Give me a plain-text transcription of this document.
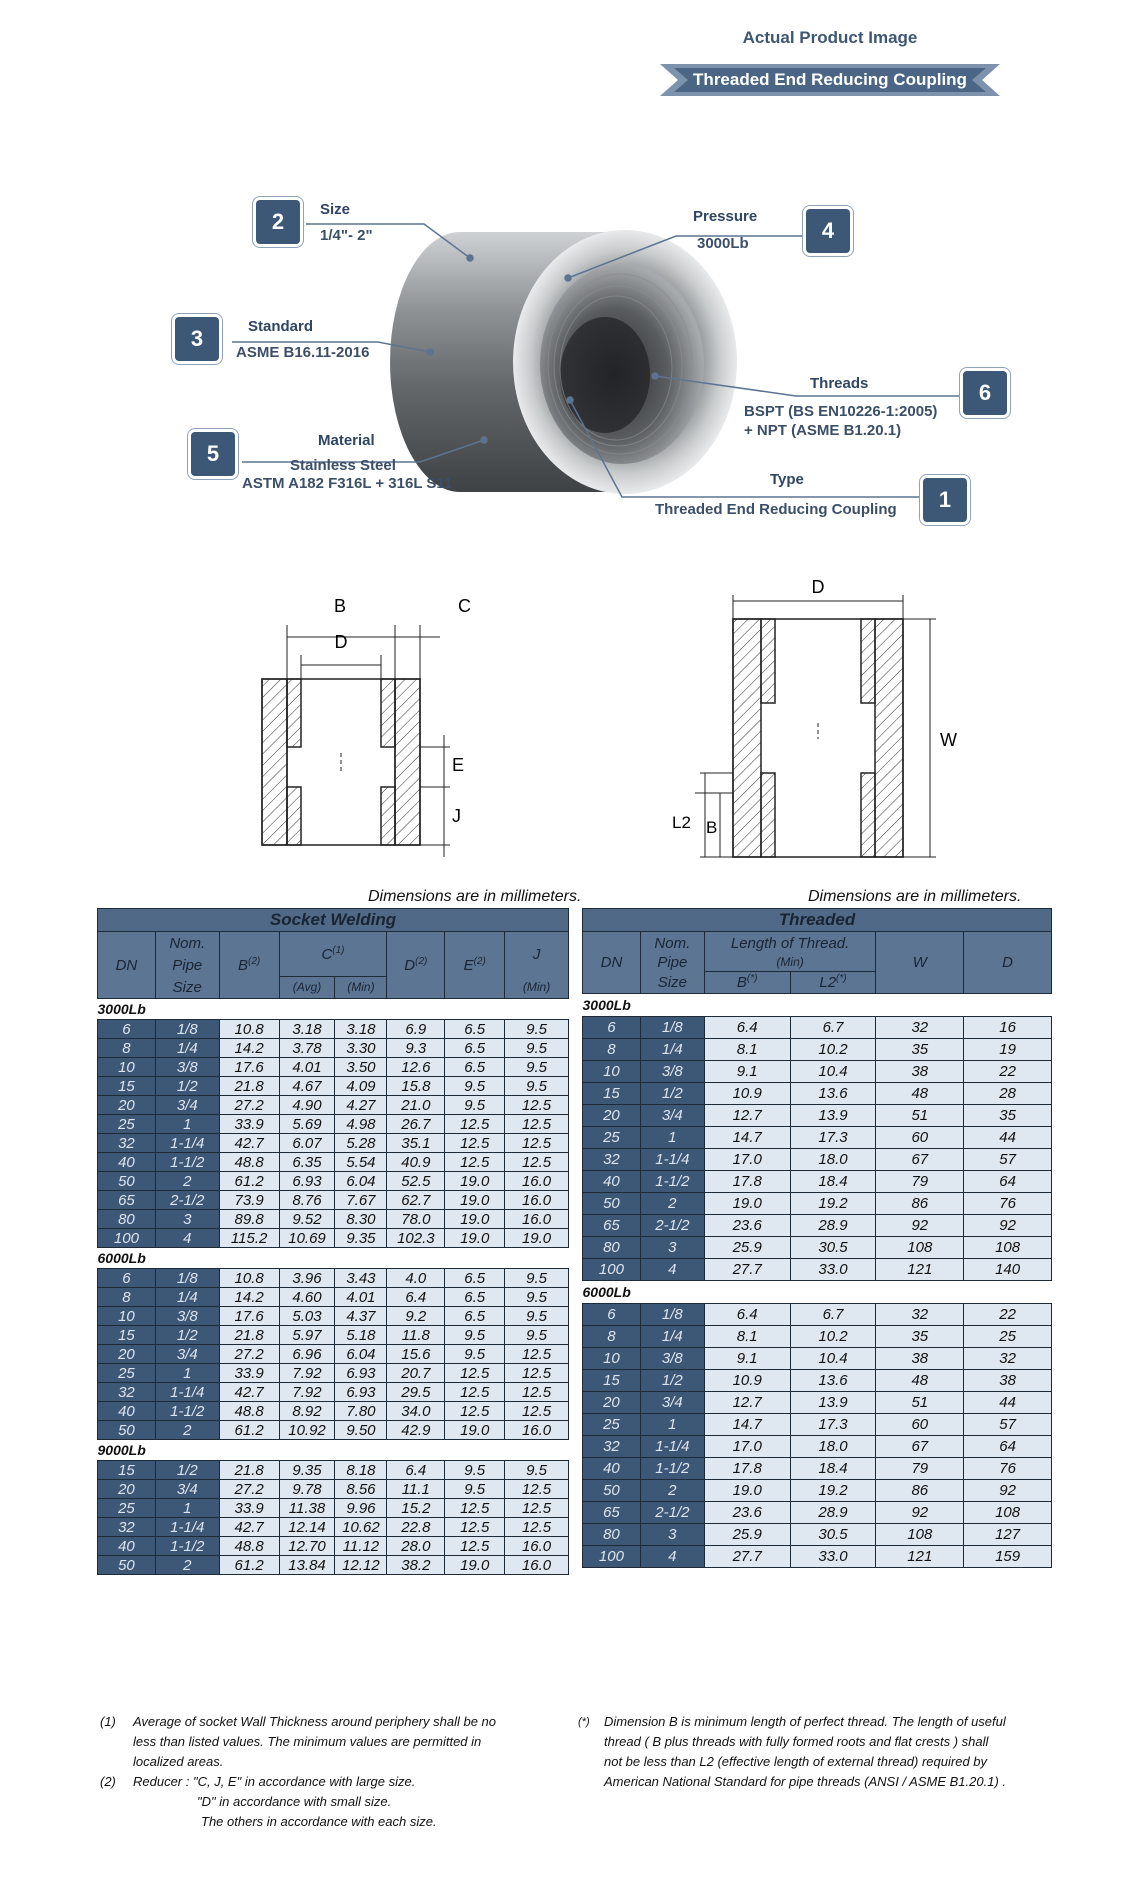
Actual Product Image
Threaded End Reducing Coupling
2	Size
1/4"- 2"	4
Pressure
3000Lb
3	Standard
ASME B16.11-2016
6
Threads
BSPT (BS EN10226-1:2005)
+ NPT (ASME B1.20.1)
5
Material
Stainless Steel
ASTM A182 F316L + 316L S11
1
Type
Threaded End Reducing Coupling
B	C
D
E
J
D
W
L2 B
Dimensions are in millimeters.
Socket Welding							
DN	Nom.	$B^{(2)}$	$C^{(1)}$		$D^{(2)}$	$E^{(2)}$	J
	Pipe						
	Size		(Avg)	(Min)			(Min)
3000Lb							
6	1/8	10.8	3.18	3.18	6.9	6.5	9.5
8	1/4	14.2	3.78	3.30	9.3	6.5	9.5
10	3/8	17.6	4.01	3.50	12.6	6.5	9.5
15	1/2	21.8	4.67	4.09	15.8	9.5	9.5
20	3/4	27.2	4.90	4.27	21.0	9.5	12.5
25	1	33.9	5.69	4.98	26.7	12.5	12.5
32	1-1/4	42.7	6.07	5.28	35.1	12.5	12.5
40	1-1/2	48.8	6.35	5.54	40.9	12.5	12.5
50	2	61.2	6.93	6.04	52.5	19.0	16.0
65	2-1/2	73.9	8.76	7.67	62.7	19.0	16.0
80	3	89.8	9.52	8.30	78.0	19.0	16.0
100	4	115.2	10.69	9.35	102.3	19.0	19.0
6000Lb							
6	1/8	10.8	3.96	3.43	4.0	6.5	9.5
8	1/4	14.2	4.60	4.01	6.4	6.5	9.5
10	3/8	17.6	5.03	4.37	9.2	6.5	9.5
15	1/2	21.8	5.97	5.18	11.8	9.5	9.5
20	3/4	27.2	6.96	6.04	15.6	9.5	12.5
25	1	33.9	7.92	6.93	20.7	12.5	12.5
32	1-1/4	42.7	7.92	6.93	29.5	12.5	12.5
40	1-1/2	48.8	8.92	7.80	34.0	12.5	12.5
50	2	61.2	10.92	9.50	42.9	19.0	16.0
9000Lb							
15	1/2	21.8	9.35	8.18	6.4	9.5	9.5
20	3/4	27.2	9.78	8.56	11.1	9.5	12.5
25	1	33.9	11.38	9.96	15.2	12.5	12.5
32	1-1/4	42.7	12.14	10.62	22.8	12.5	12.5
40	1-1/2	48.8	12.70	11.12	28.0	12.5	16.0
50	2	61.2	13.84	12.12	38.2	19.0	16.0
Dimensions are in millimeters.
Threaded					
DN	Nom.	Length of Thread.		W	D
	Pipe	(Min)			
	Size	B(*)	L2(*)
3000Lb					
6	1/8	6.4	6.7	32	16
8	1/4	8.1	10.2	35	19
10	3/8	9.1	10.4	38	22
15	1/2	10.9	13.6	48	28
20	3/4	12.7	13.9	51	35
25	1	14.7	17.3	60	44
32	1-1/4	17.0	18.0	67	57
40	1-1/2	17.8	18.4	79	64
50	2	19.0	19.2	86	76
65	2-1/2	23.6	28.9	92	92
80	3	25.9	30.5	108	108
100	4	27.7	33.0	121	140
6000Lb					
6	1/8	6.4	6.7	32	22
8	1/4	8.1	10.2	35	25
10	3/8	9.1	10.4	38	32
15	1/2	10.9	13.6	48	38
20	3/4	12.7	13.9	51	44
25	1	14.7	17.3	60	57
32	1-1/4	17.0	18.0	67	64
40	1-1/2	17.8	18.4	79	76
50	2	19.0	19.2	86	92
65	2-1/2	23.6	28.9	92	108
80	3	25.9	30.5	108	127
100	4	27.7	33.0	121	159
(1) Average of socket Wall Thickness around periphery shall be no
less than listed values. The minimum values are permitted in
localized areas.
(2) Reducer : "C, J, E" in accordance with large size.
"D" in accordance with small size.
The others in accordance with each size.
(*) Dimension B is minimum length of perfect thread. The length of useful
thread ( B plus threads with fully formed roots and flat crests ) shall
not be less than L2 (effective length of external thread) required by
American National Standard for pipe threads (ANSI / ASME B1.20.1) .
